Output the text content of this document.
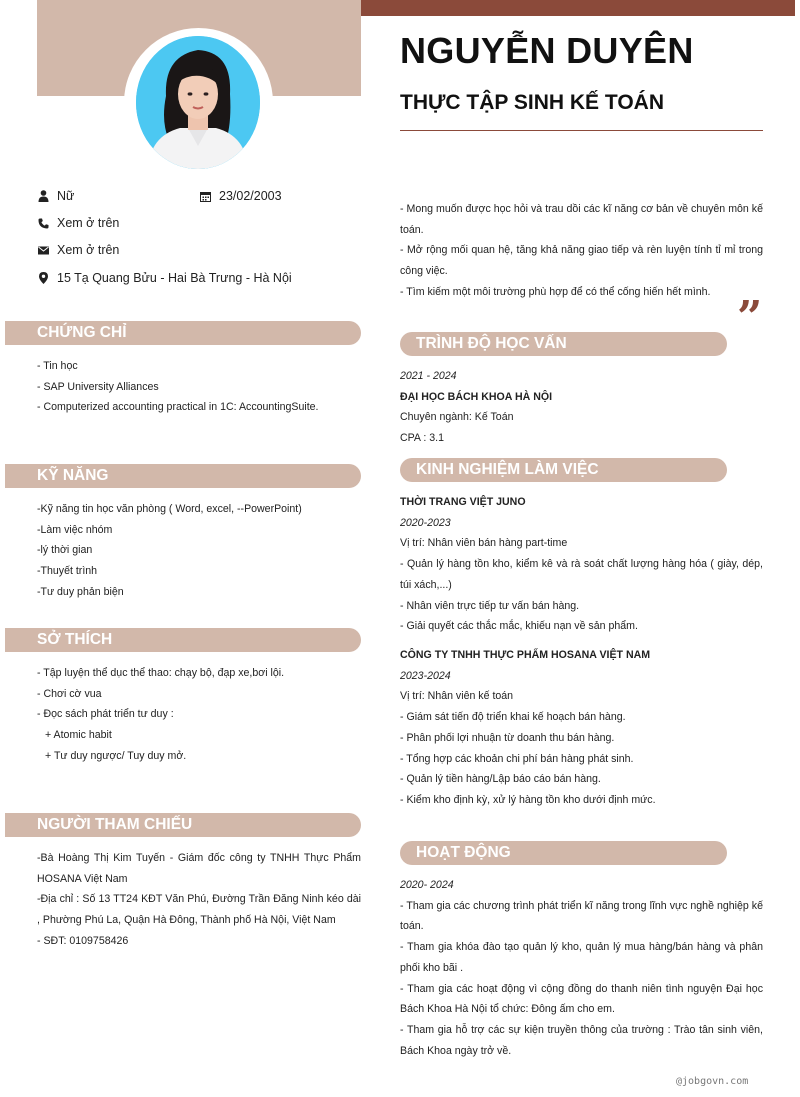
NGUYỄN DUYÊN
THỰC TẬP SINH KẾ TOÁN
Nữ	23/02/2003
Xem ở trên
Xem ở trên
15 Tạ Quang Bửu - Hai Bà Trưng - Hà Nội
CHỨNG CHỈ
- Tin học
- SAP University Alliances
- Computerized accounting practical in 1C: AccountingSuite.
KỸ NĂNG
-Kỹ năng tin học văn phòng ( Word, excel, --PowerPoint)
-Làm việc nhóm
-lý thời gian
-Thuyết trình
-Tư duy phản biện
SỞ THÍCH
- Tập luyện thể dục thể thao: chạy bộ, đạp xe,bơi lội.
- Chơi cờ vua
- Đọc sách phát triển tư duy :
+ Atomic habit
+ Tư duy ngược/ Tuy duy mở.
NGƯỜI THAM CHIẾU
-Bà Hoàng Thị Kim Tuyến - Giám đốc công ty TNHH Thực Phẩm HOSANA Việt Nam
-Địa chỉ : Số 13 TT24 KĐT Văn Phú, Đường Trần Đăng Ninh kéo dài , Phường Phú La, Quận Hà Đông, Thành phố Hà Nội, Việt Nam
- SĐT: 0109758426
- Mong muốn được học hỏi và trau dồi các kĩ năng cơ bản về chuyên môn kế toán.
- Mở rộng mối quan hệ, tăng khả năng giao tiếp và rèn luyện tính tỉ mỉ trong công việc.
- Tìm kiếm một môi trường phù hợp để có thể cống hiến hết mình.
”
TRÌNH ĐỘ HỌC VẤN
2021 - 2024
ĐẠI HỌC BÁCH KHOA HÀ NỘI
Chuyên ngành: Kế Toán
CPA : 3.1
KINH NGHIỆM LÀM VIỆC
THỜI TRANG VIỆT JUNO
2020-2023
Vị trí: Nhân viên bán hàng part-time
- Quản lý hàng tồn kho, kiểm kê và rà soát chất lượng hàng hóa ( giày, dép, túi xách,...)
- Nhân viên trực tiếp tư vấn bán hàng.
- Giải quyết các thắc mắc, khiếu nạn về sản phẩm.
CÔNG TY TNHH THỰC PHẨM HOSANA VIỆT NAM
2023-2024
Vị trí: Nhân viên kế toán
- Giám sát tiến độ triển khai kế hoạch bán hàng.
- Phân phối lợi nhuận từ doanh thu bán hàng.
- Tổng hợp các khoản chi phí bán hàng phát sinh.
- Quản lý tiền hàng/Lập báo cáo bán hàng.
- Kiểm kho định kỳ, xử lý hàng tồn kho dưới định mức.
HOẠT ĐỘNG
2020- 2024
- Tham gia các chương trình phát triển kĩ năng trong lĩnh vực nghề nghiệp kế toán.
- Tham gia khóa đào tạo quản lý kho, quản lý mua hàng/bán hàng và phân phối kho bãi .
- Tham gia các hoạt động vì cộng đồng do thanh niên tình nguyện Đại học Bách Khoa Hà Nội tổ chức: Đông ấm cho em.
- Tham gia hỗ trợ các sự kiện truyền thông của trường : Trào tân sinh viên, Bách Khoa ngày trở về.
@jobgovn.com
